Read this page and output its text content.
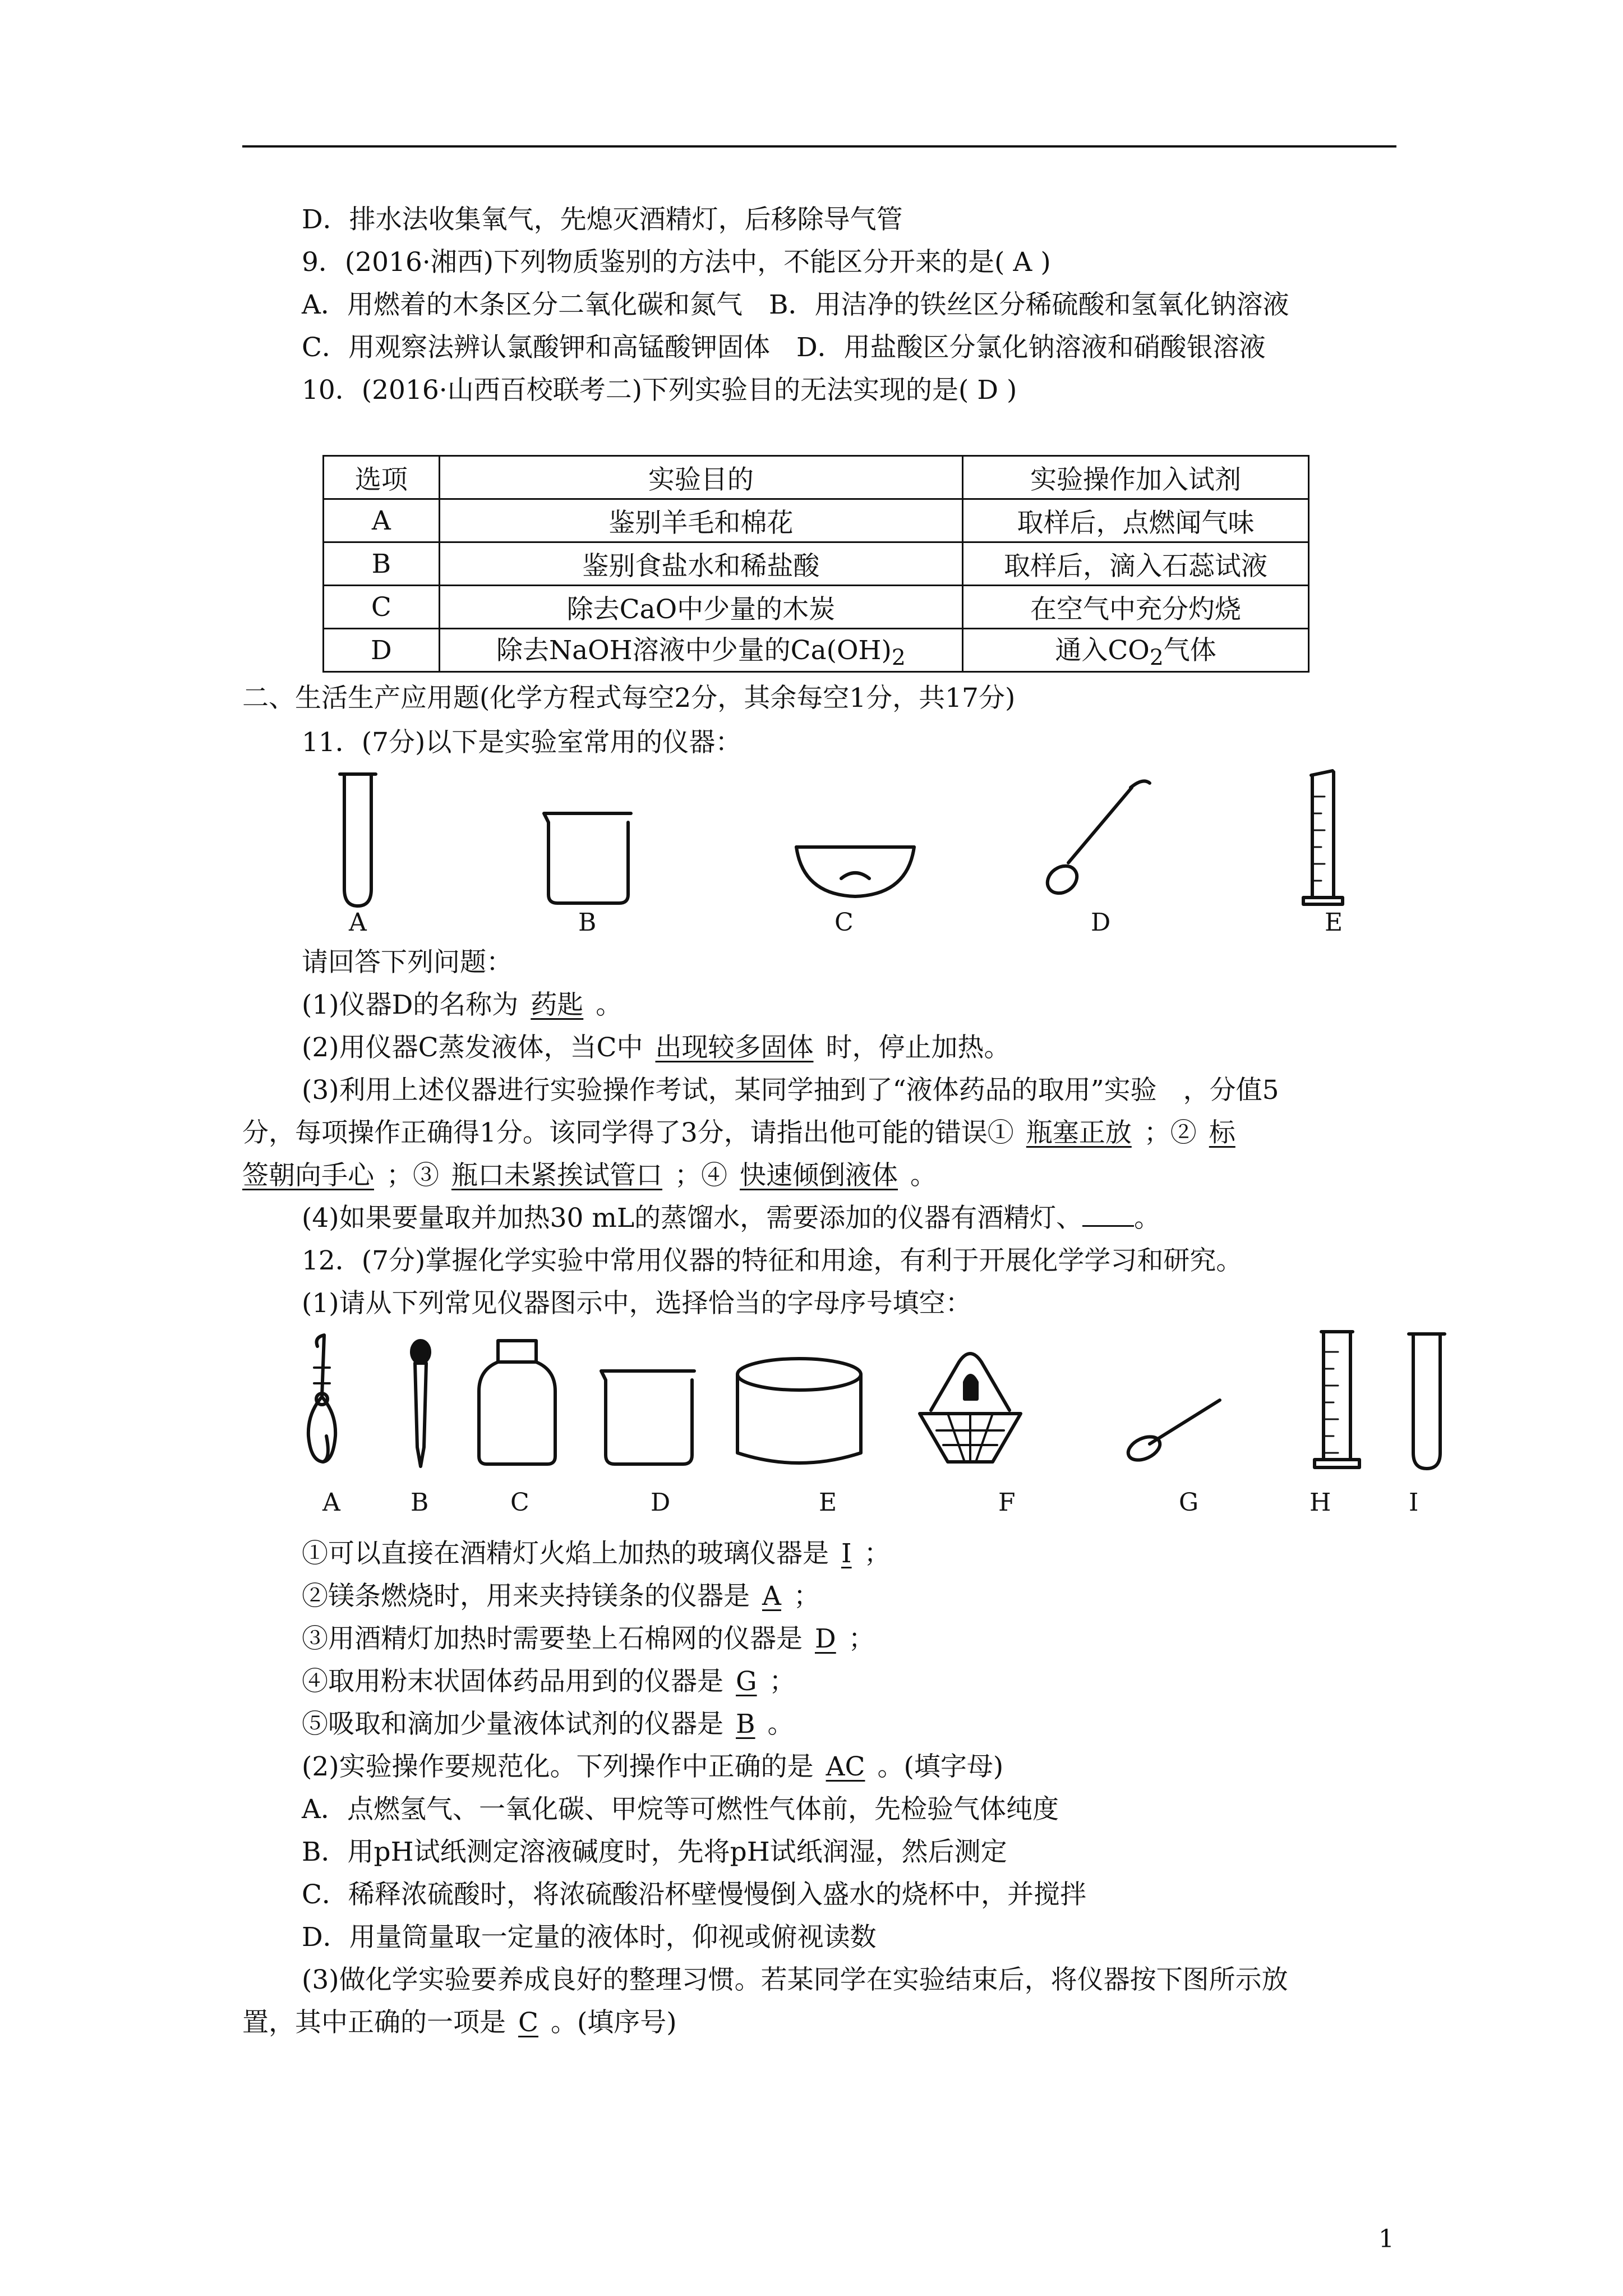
D．排水法收集氧气，先熄灭酒精灯，后移除导气管
9．(2016·湘西)下列物质鉴别的方法中，不能区分开来的是( A )
A．用燃着的木条区分二氧化碳和氮气　B．用洁净的铁丝区分稀硫酸和氢氧化钠溶液
C．用观察法辨认氯酸钾和高锰酸钾固体　D．用盐酸区分氯化钠溶液和硝酸银溶液
10．(2016·山西百校联考二)下列实验目的无法实现的是( D )
选项	实验目的	实验操作加入试剂
A	鉴别羊毛和棉花	取样后，点燃闻气味
B	鉴别食盐水和稀盐酸	取样后，滴入石蕊试液
C	除去CaO中少量的木炭	在空气中充分灼烧
D	除去NaOH溶液中少量的$Ca(OH)_2$	通入$CO_2$气体
二、生活生产应用题(化学方程式每空2分，其余每空1分，共17分)
11．(7分)以下是实验室常用的仪器：
A	B	C	D	E
请回答下列问题：
(1)仪器D的名称为 药匙 。
(2)用仪器C蒸发液体，当C中 出现较多固体 时，停止加热。
(3)利用上述仪器进行实验操作考试，某同学抽到了“液体药品的取用”实验　，分值5
分，每项操作正确得1分。该同学得了3分，请指出他可能的错误① 瓶塞正放 ；② 标
签朝向手心 ；③ 瓶口未紧挨试管口 ；④ 快速倾倒液体 。
(4)如果要量取并加热30 mL的蒸馏水，需要添加的仪器有酒精灯、 。
12．(7分)掌握化学实验中常用仪器的特征和用途，有利于开展化学学习和研究。
(1)请从下列常见仪器图示中，选择恰当的字母序号填空：
A	B	C	D	E	F	G	H	I
①可以直接在酒精灯火焰上加热的玻璃仪器是 I ；
②镁条燃烧时，用来夹持镁条的仪器是 A ；
③用酒精灯加热时需要垫上石棉网的仪器是 D ；
④取用粉末状固体药品用到的仪器是 G ；
⑤吸取和滴加少量液体试剂的仪器是 B 。
(2)实验操作要规范化。下列操作中正确的是 AC 。(填字母)
A．点燃氢气、一氧化碳、甲烷等可燃性气体前，先检验气体纯度
B．用pH试纸测定溶液碱度时，先将pH试纸润湿，然后测定
C．稀释浓硫酸时，将浓硫酸沿杯壁慢慢倒入盛水的烧杯中，并搅拌
D．用量筒量取一定量的液体时，仰视或俯视读数
(3)做化学实验要养成良好的整理习惯。若某同学在实验结束后，将仪器按下图所示放
置，其中正确的一项是 C 。(填序号)
1
